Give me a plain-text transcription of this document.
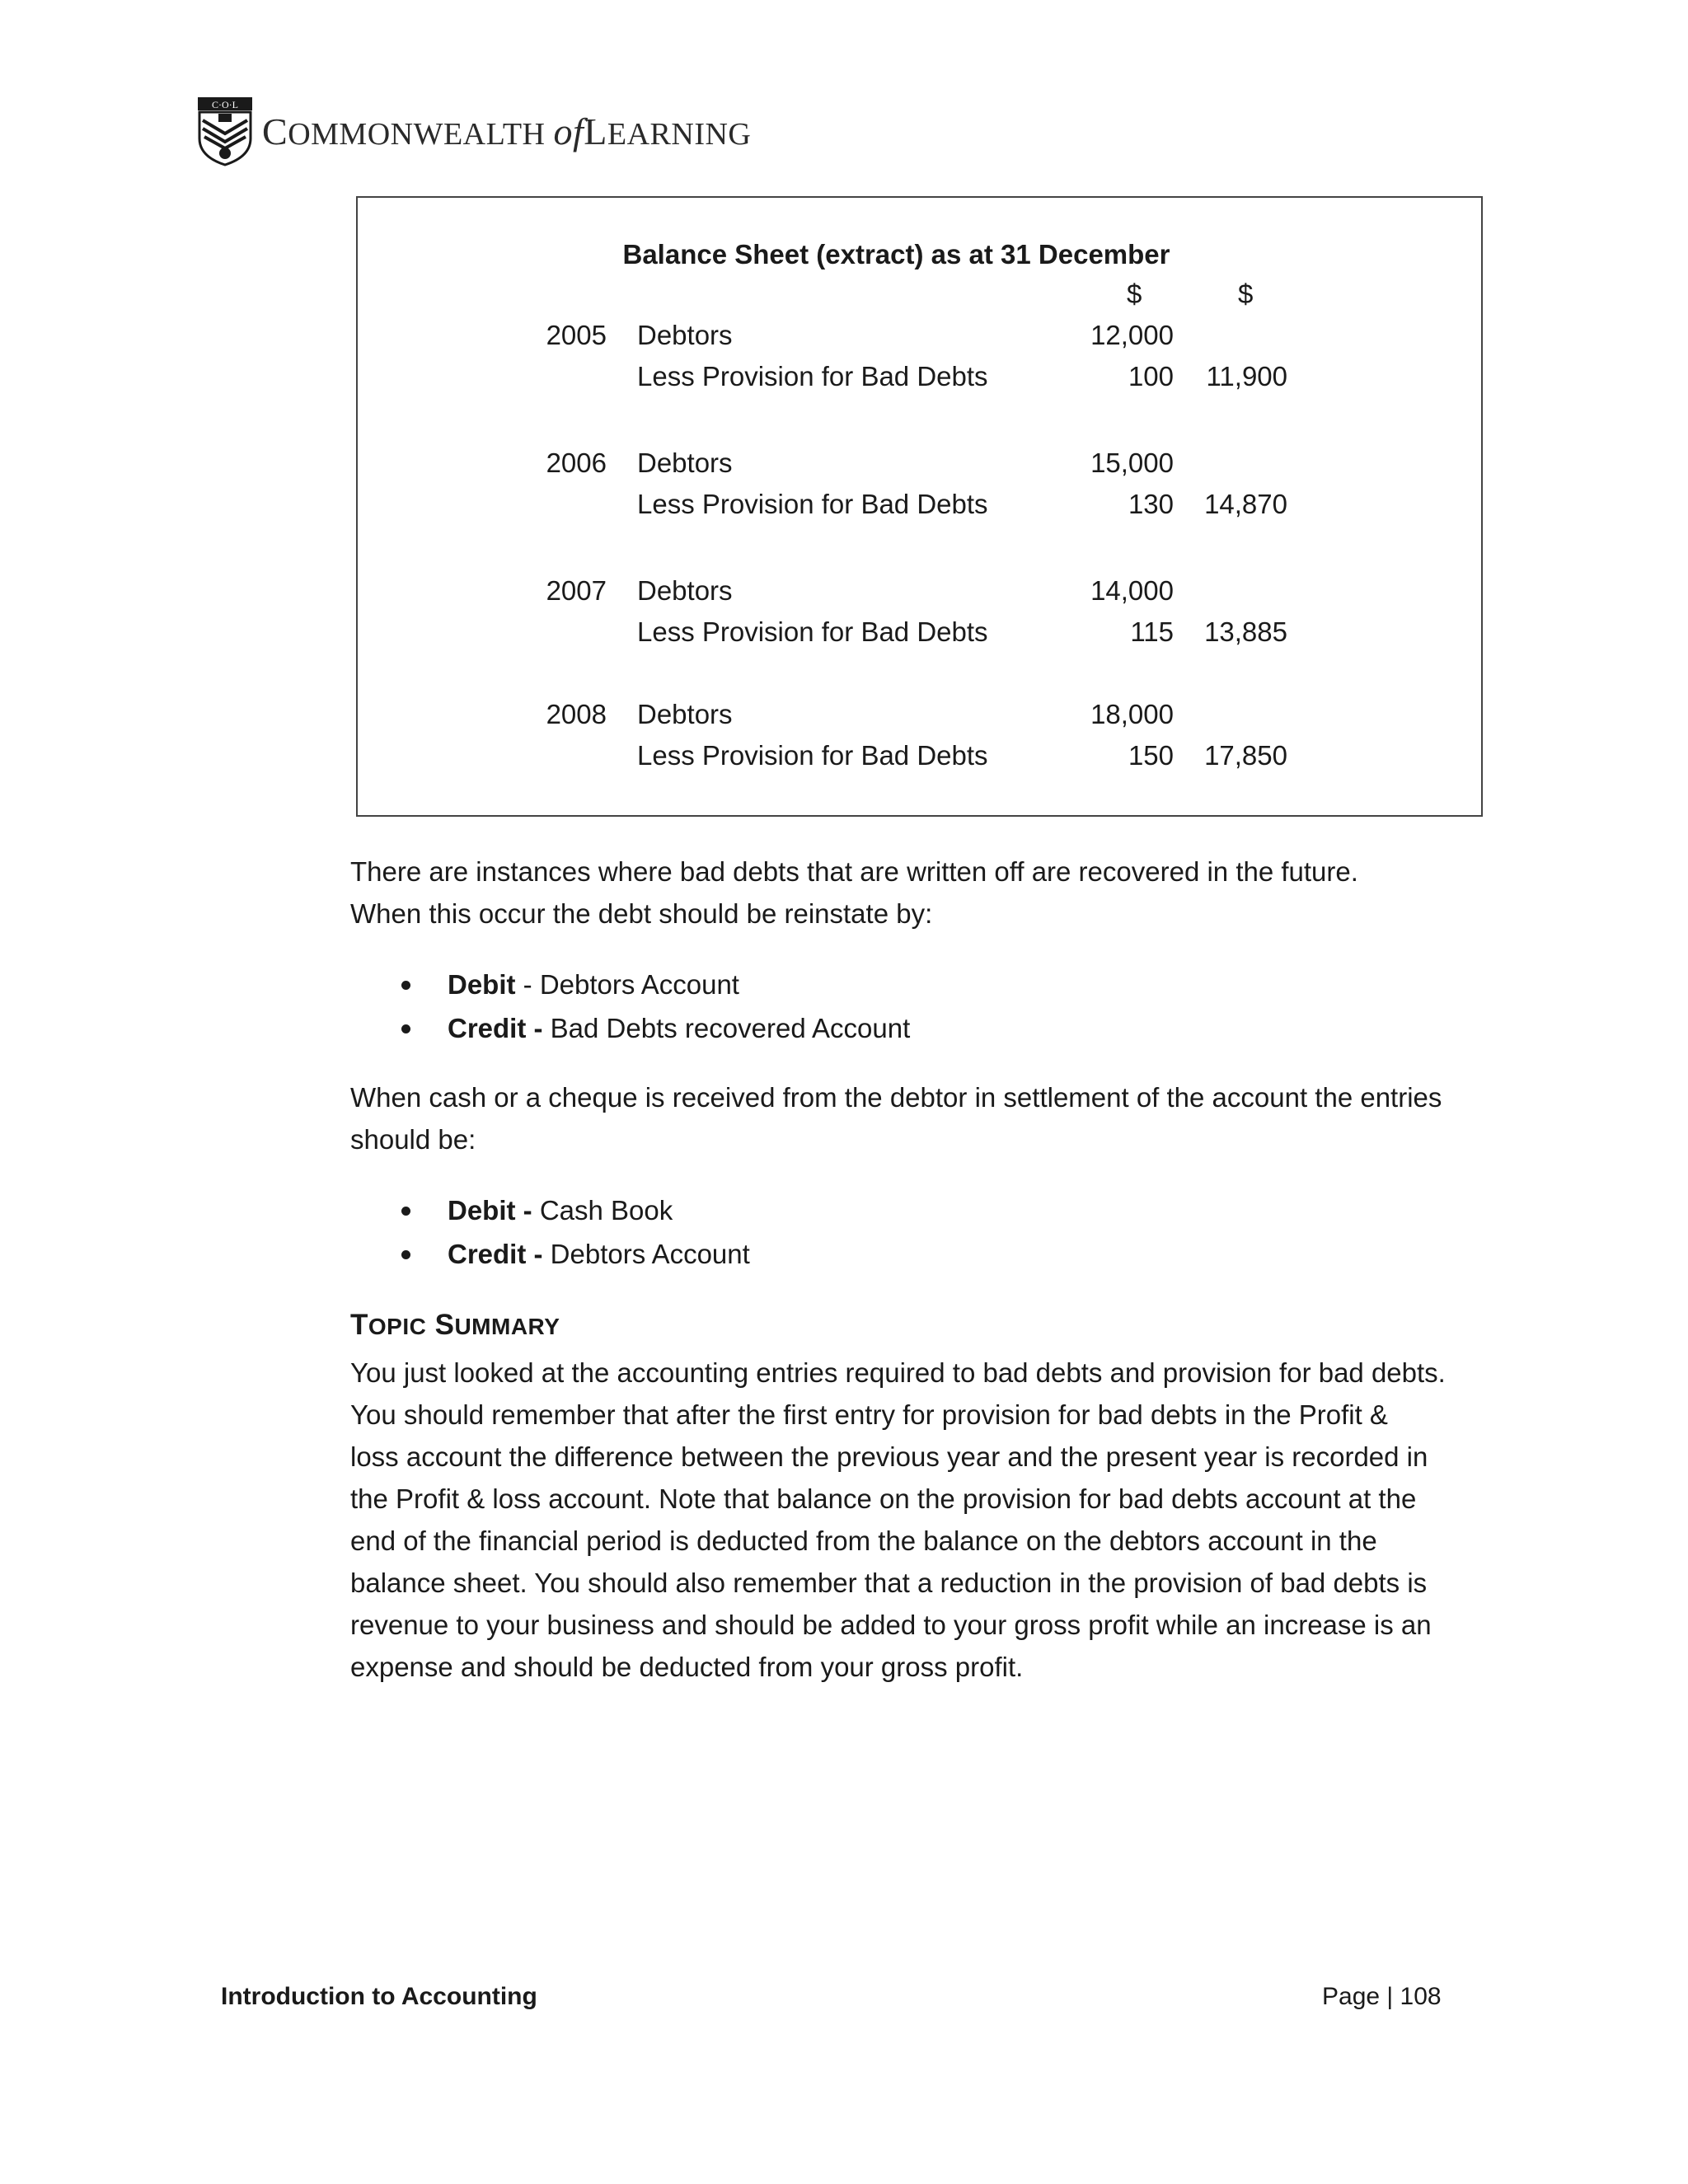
C·O·L
COMMONWEALTH ofLEARNING
Balance Sheet (extract) as at 31 December
$	$
2005 Debtors	12,000
Less Provision for Bad Debts	100	11,900
2006 Debtors	15,000
Less Provision for Bad Debts	130	14,870
2007 Debtors	14,000
Less Provision for Bad Debts	115	13,885
2008 Debtors	18,000
Less Provision for Bad Debts	150	17,850
There are instances where bad debts that are written off are recovered in the future.
When this occur the debt should be reinstate by:
Debit - Debtors Account
Credit - Bad Debts recovered Account
When cash or a cheque is received from the debtor in settlement of the account the entries
should be:
Debit - Cash Book
Credit - Debtors Account
TOPIC SUMMARY
You just looked at the accounting entries required to bad debts and provision for bad debts.
You should remember that after the first entry for provision for bad debts in the Profit &
loss account the difference between the previous year and the present year is recorded in
the Profit & loss account. Note that balance on the provision for bad debts account at the
end of the financial period is deducted from the balance on the debtors account in the
balance sheet. You should also remember that a reduction in the provision of bad debts is
revenue to your business and should be added to your gross profit while an increase is an
expense and should be deducted from your gross profit.
Introduction to Accounting	Page | 108
